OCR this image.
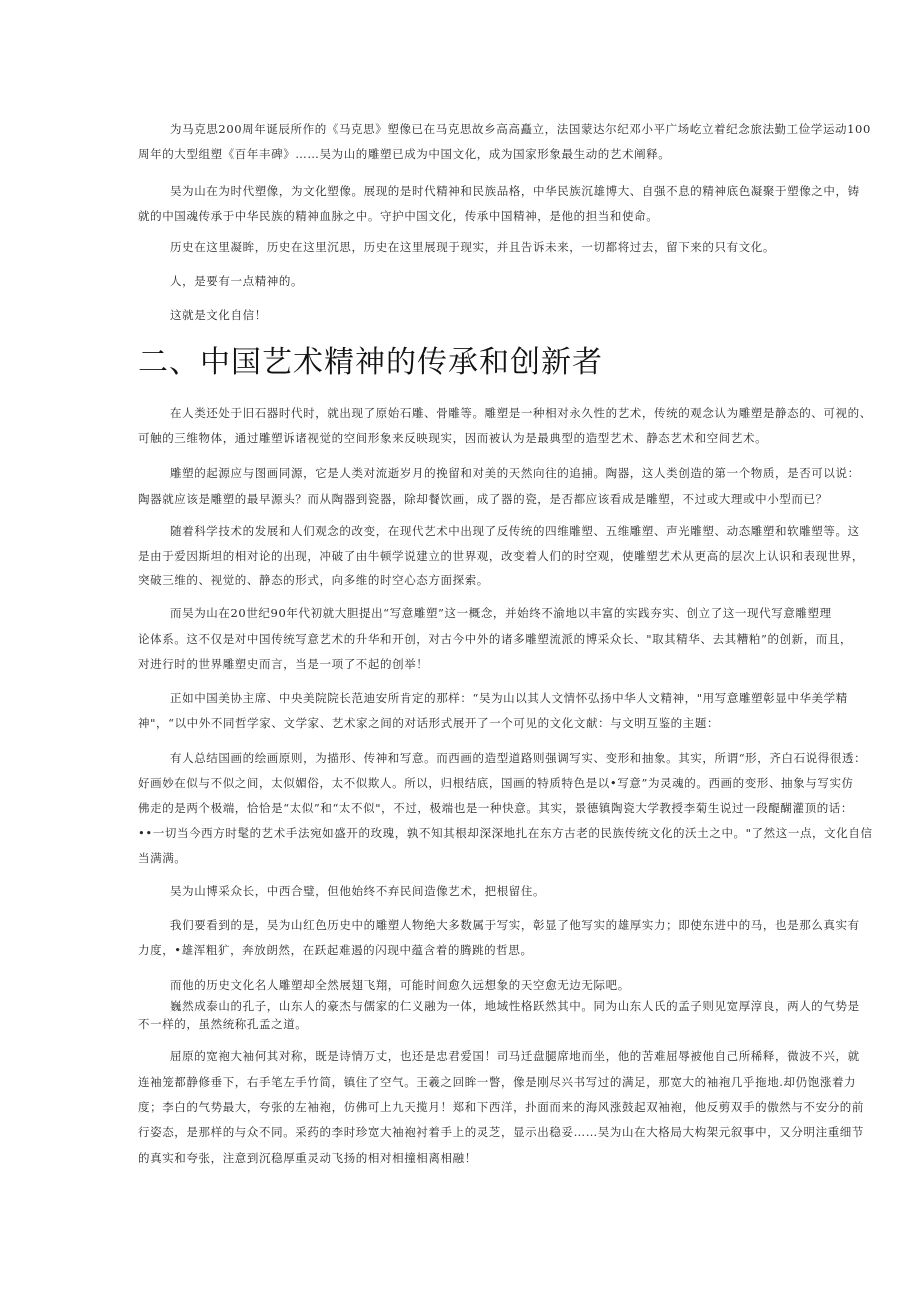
为马克思200周年诞辰所作的《马克思》塑像已在马克思故乡高高矗立，法国蒙达尔纪邓小平广场屹立着纪念旅法勤工俭学运动100
周年的大型组塑《百年丰碑》……吴为山的雕塑已成为中国文化，成为国家形象最生动的艺术阐释。
吴为山在为时代塑像，为文化塑像。展现的是时代精神和民族品格，中华民族沉雄博大、自强不息的精神底色凝聚于塑像之中，铸
就的中国魂传承于中华民族的精神血脉之中。守护中国文化，传承中国精神，是他的担当和使命。
历史在这里凝眸，历史在这里沉思，历史在这里展现于现实，并且告诉未来，一切都将过去，留下来的只有文化。
人，是要有一点精神的。
这就是文化自信！
二、中国艺术精神的传承和创新者
在人类还处于旧石器时代时，就出现了原始石雕、骨雕等。雕塑是一种相对永久性的艺术，传统的观念认为雕塑是静态的、可视的、
可触的三维物体，通过雕塑诉诸视觉的空间形象来反映现实，因而被认为是最典型的造型艺术、静态艺术和空间艺术。
雕塑的起源应与图画同源，它是人类对流逝岁月的挽留和对美的天然向往的追捕。陶器，这人类创造的第一个物质，是否可以说：
陶器就应该是雕塑的最早源头？而从陶器到瓷器，除却餐饮画，成了器的瓷，是否都应该看成是雕塑，不过或大理或中小型而已？
随着科学技术的发展和人们观念的改变，在现代艺术中出现了反传统的四维雕塑、五维雕塑、声光雕塑、动态雕塑和软雕塑等。这
是由于爱因斯坦的相对论的出现，冲破了由牛顿学说建立的世界观，改变着人们的时空观，使雕塑艺术从更高的层次上认识和表现世界，
突破三维的、视觉的、静态的形式，向多维的时空心态方面探索。
而吴为山在20世纪90年代初就大胆提出“写意雕塑”这一概念，并始终不渝地以丰富的实践夯实、创立了这一现代写意雕塑理
论体系。这不仅是对中国传统写意艺术的升华和开创，对古今中外的诸多雕塑流派的博采众长、"取其精华、去其糟粕”的创新，而且，
对进行时的世界雕塑史而言，当是一项了不起的创举！
正如中国美协主席、中央美院院长范迪安所肯定的那样：“吴为山以其人文情怀弘扬中华人文精神，"用写意雕塑彰显中华美学精
神"，“以中外不同哲学家、文学家、艺术家之间的对话形式展开了一个可见的文化文献：与文明互鉴的主题：
有人总结国画的绘画原则，为描形、传神和写意。而西画的造型道路则强调写实、变形和抽象。其实，所谓“形，齐白石说得很透：
好画妙在似与不似之间，太似媚俗，太不似欺人。所以，归根结底，国画的特质特色是以•写意”为灵魂的。西画的变形、抽象与写实仿
佛走的是两个极端，恰恰是“太似”和“太不似"，不过，极端也是一种快意。其实，景德镇陶瓷大学教授李菊生说过一段醍醐灌顶的话：
••一切当今西方时髦的艺术手法宛如盛开的玫瑰，孰不知其根却深深地扎在东方古老的民族传统文化的沃土之中。"了然这一点，文化自信
当满满。
吴为山博采众长，中西合璧，但他始终不弃民间造像艺术，把根留住。
我们要看到的是，吴为山红色历史中的雕塑人物绝大多数属于写实，彰显了他写实的雄厚实力；即使东进中的马，也是那么真实有
力度，•雄浑粗犷，奔放朗然，在跃起难遏的闪现中蕴含着的腾跳的哲思。
而他的历史文化名人雕塑却全然展翅飞翔，可能时间愈久远想象的天空愈无边无际吧。
巍然成泰山的孔子，山东人的豪杰与儒家的仁义融为一体，地域性格跃然其中。同为山东人氏的孟子则见宽厚淳良，两人的气势是
不一样的，虽然统称孔孟之道。
屈原的宽袍大袖何其对称，既是诗情万丈，也还是忠君爱国！司马迁盘腿席地而坐，他的苦难屈辱被他自己所稀释，微波不兴，就
连袖笼都静修垂下，右手笔左手竹简，镇住了空气。王羲之回眸一瞥，像是刚尽兴书写过的满足，那宽大的袖袍几乎拖地.却仍饱涨着力
度；李白的气势最大，夸张的左袖袍，仿佛可上九天揽月！郑和下西洋，扑面而来的海风涨鼓起双袖袍，他反剪双手的傲然与不安分的前
行姿态，是那样的与众不同。采药的李时珍宽大袖袍衬着手上的灵芝，显示出稳妥……吴为山在大格局大构架元叙事中，又分明注重细节
的真实和夸张，注意到沉稳厚重灵动飞扬的相对相撞相离相融！
